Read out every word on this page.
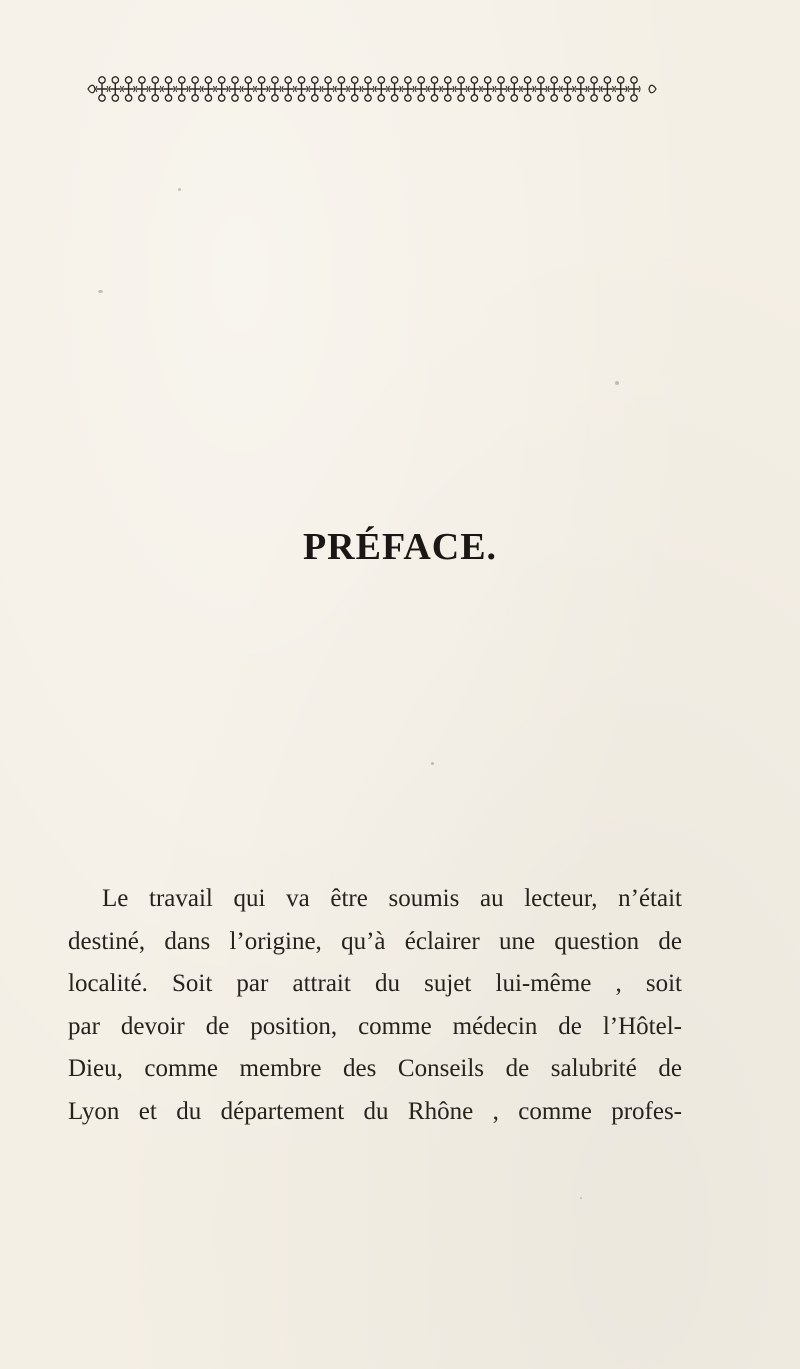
PRÉFACE.
Le travail qui va être soumis au lecteur, n’était
destiné, dans l’origine, qu’à éclairer une question de
localité. Soit par attrait du sujet lui-même , soit
par devoir de position, comme médecin de l’Hôtel-
Dieu, comme membre des Conseils de salubrité de
Lyon et du département du Rhône , comme profes-
